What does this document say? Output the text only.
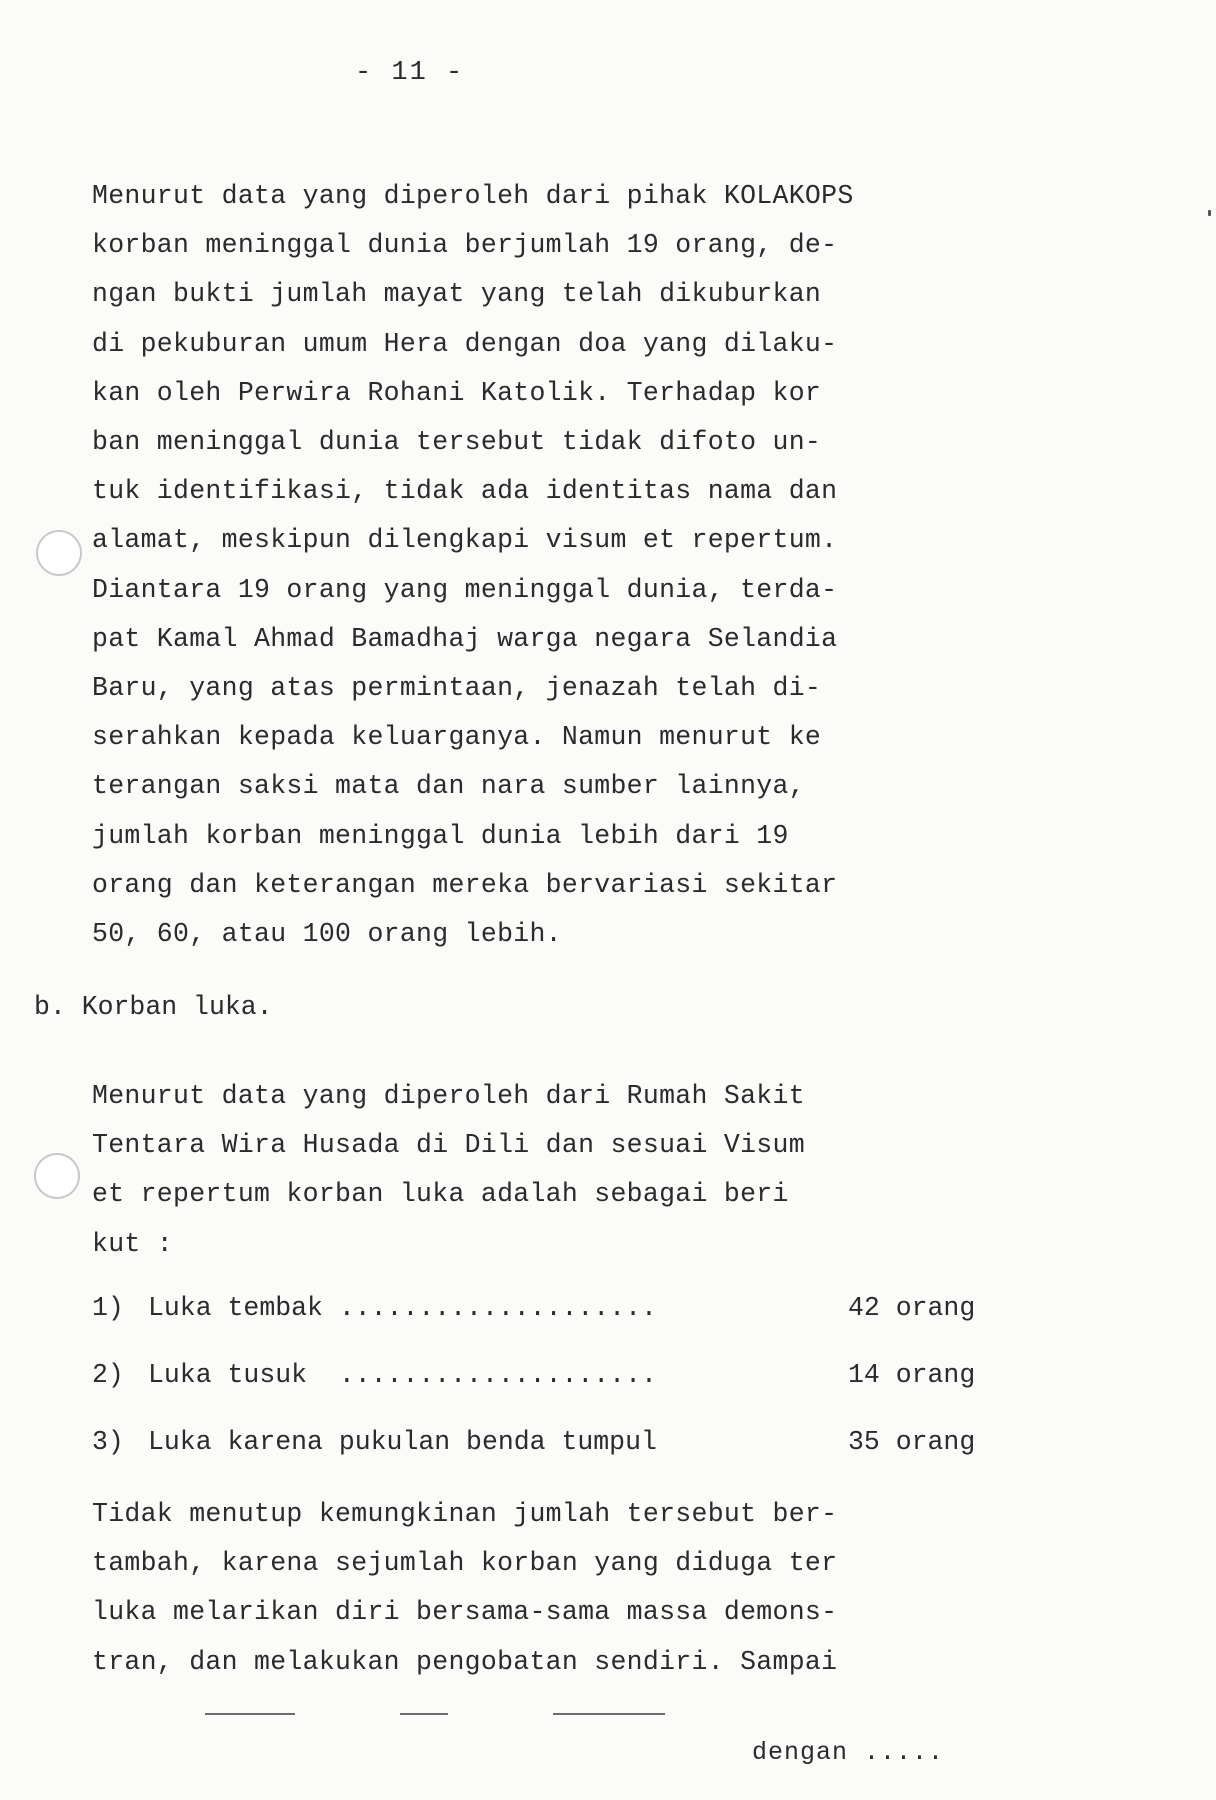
- 11 -

Menurut data yang diperoleh dari pihak KOLAKOPS
korban meninggal dunia berjumlah 19 orang, de-
ngan bukti jumlah mayat yang telah dikuburkan
di pekuburan umum Hera dengan doa yang dilaku-
kan oleh Perwira Rohani Katolik. Terhadap kor
ban meninggal dunia tersebut tidak difoto un-
tuk identifikasi, tidak ada identitas nama dan
alamat, meskipun dilengkapi visum et repertum.
Diantara 19 orang yang meninggal dunia, terda-
pat Kamal Ahmad Bamadhaj warga negara Selandia
Baru, yang atas permintaan, jenazah telah di-
serahkan kepada keluarganya. Namun menurut ke
terangan saksi mata dan nara sumber lainnya,
jumlah korban meninggal dunia lebih dari 19
orang dan keterangan mereka bervariasi sekitar
50, 60, atau 100 orang lebih.

b. Korban luka.

Menurut data yang diperoleh dari Rumah Sakit
Tentara Wira Husada di Dili dan sesuai Visum
et repertum korban luka adalah sebagai beri
kut :

1) Luka tembak ....................	42 orang
2) Luka tusuk  ....................	14 orang
3) Luka karena pukulan benda tumpul	35 orang

Tidak menutup kemungkinan jumlah tersebut ber-
tambah, karena sejumlah korban yang diduga ter
luka melarikan diri bersama-sama massa demons-
tran, dan melakukan pengobatan sendiri. Sampai

dengan .....
